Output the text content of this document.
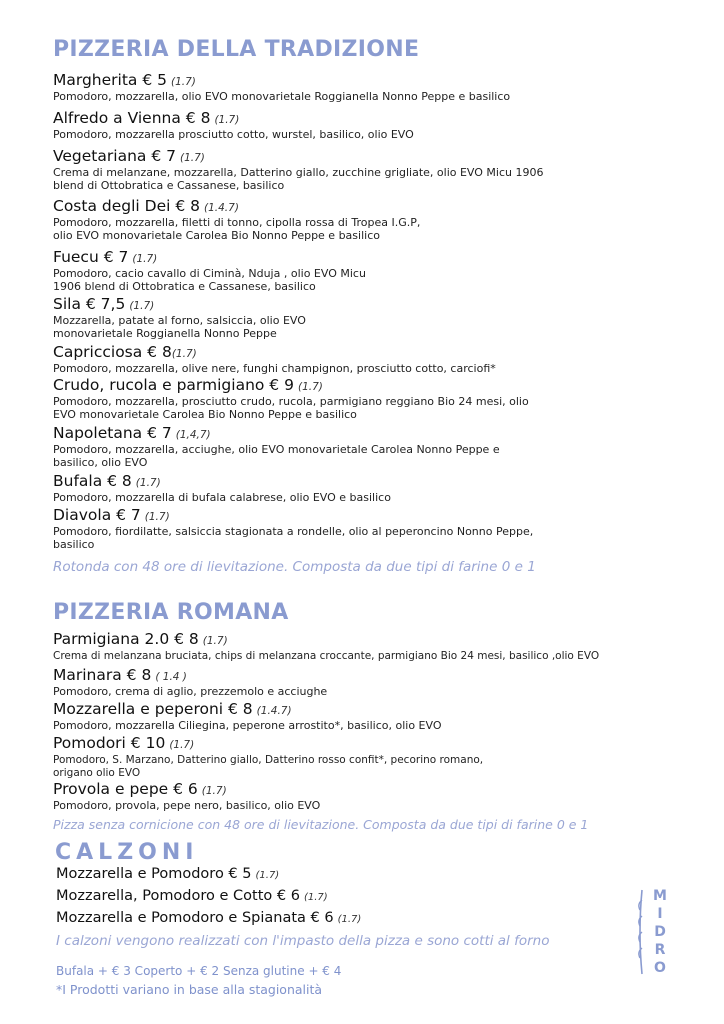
PIZZERIA DELLA TRADIZIONE
Margherita € 5 (1.7)
Pomodoro, mozzarella, olio EVO monovarietale Roggianella Nonno Peppe e basilico
Alfredo a Vienna € 8 (1.7)
Pomodoro, mozzarella prosciutto cotto, wurstel, basilico, olio EVO
Vegetariana € 7 (1.7)
Crema di melanzane, mozzarella, Datterino giallo, zucchine grigliate, olio EVO Micu 1906
blend di Ottobratica e Cassanese, basilico
Costa degli Dei € 8 (1.4.7)
Pomodoro, mozzarella, filetti di tonno, cipolla rossa di Tropea I.G.P,
olio EVO monovarietale Carolea Bio Nonno Peppe e basilico
Fuecu € 7 (1.7)
Pomodoro, cacio cavallo di Ciminà, Nduja , olio EVO Micu
1906 blend di Ottobratica e Cassanese, basilico
Sila € 7,5 (1.7)
Mozzarella, patate al forno, salsiccia, olio EVO
monovarietale Roggianella Nonno Peppe
Capricciosa € 8(1.7)
Pomodoro, mozzarella, olive nere, funghi champignon, prosciutto cotto, carciofi*
Crudo, rucola e parmigiano € 9 (1.7)
Pomodoro, mozzarella, prosciutto crudo, rucola, parmigiano reggiano Bio 24 mesi, olio
EVO monovarietale Carolea Bio Nonno Peppe e basilico
Napoletana € 7 (1,4,7)
Pomodoro, mozzarella, acciughe, olio EVO monovarietale Carolea Nonno Peppe e
basilico, olio EVO
Bufala € 8 (1.7)
Pomodoro, mozzarella di bufala calabrese, olio EVO e basilico
Diavola € 7 (1.7)
Pomodoro, fiordilatte, salsiccia stagionata a rondelle, olio al peperoncino Nonno Peppe,
basilico
Rotonda con 48 ore di lievitazione. Composta da due tipi di farine 0 e 1
PIZZERIA ROMANA
Parmigiana 2.0 € 8 (1.7)
Crema di melanzana bruciata, chips di melanzana croccante, parmigiano Bio 24 mesi, basilico ,olio EVO
Marinara € 8 ( 1.4 )
Pomodoro, crema di aglio, prezzemolo e acciughe
Mozzarella e peperoni € 8 (1.4.7)
Pomodoro, mozzarella Ciliegina, peperone arrostito*, basilico, olio EVO
Pomodori € 10 (1.7)
Pomodoro, S. Marzano, Datterino giallo, Datterino rosso confit*, pecorino romano,
origano olio EVO
Provola e pepe € 6 (1.7)
Pomodoro, provola, pepe nero, basilico, olio EVO
Pizza senza cornicione con 48 ore di lievitazione. Composta da due tipi di farine 0 e 1
CALZONI
Mozzarella e Pomodoro € 5 (1.7)
Mozzarella, Pomodoro e Cotto € 6 (1.7)
Mozzarella e Pomodoro e Spianata € 6 (1.7)
I calzoni vengono realizzati con l'impasto della pizza e sono cotti al forno
Bufala + € 3 Coperto + € 2 Senza glutine + € 4
*I Prodotti variano in base alla stagionalità
M
I
D
R
O
